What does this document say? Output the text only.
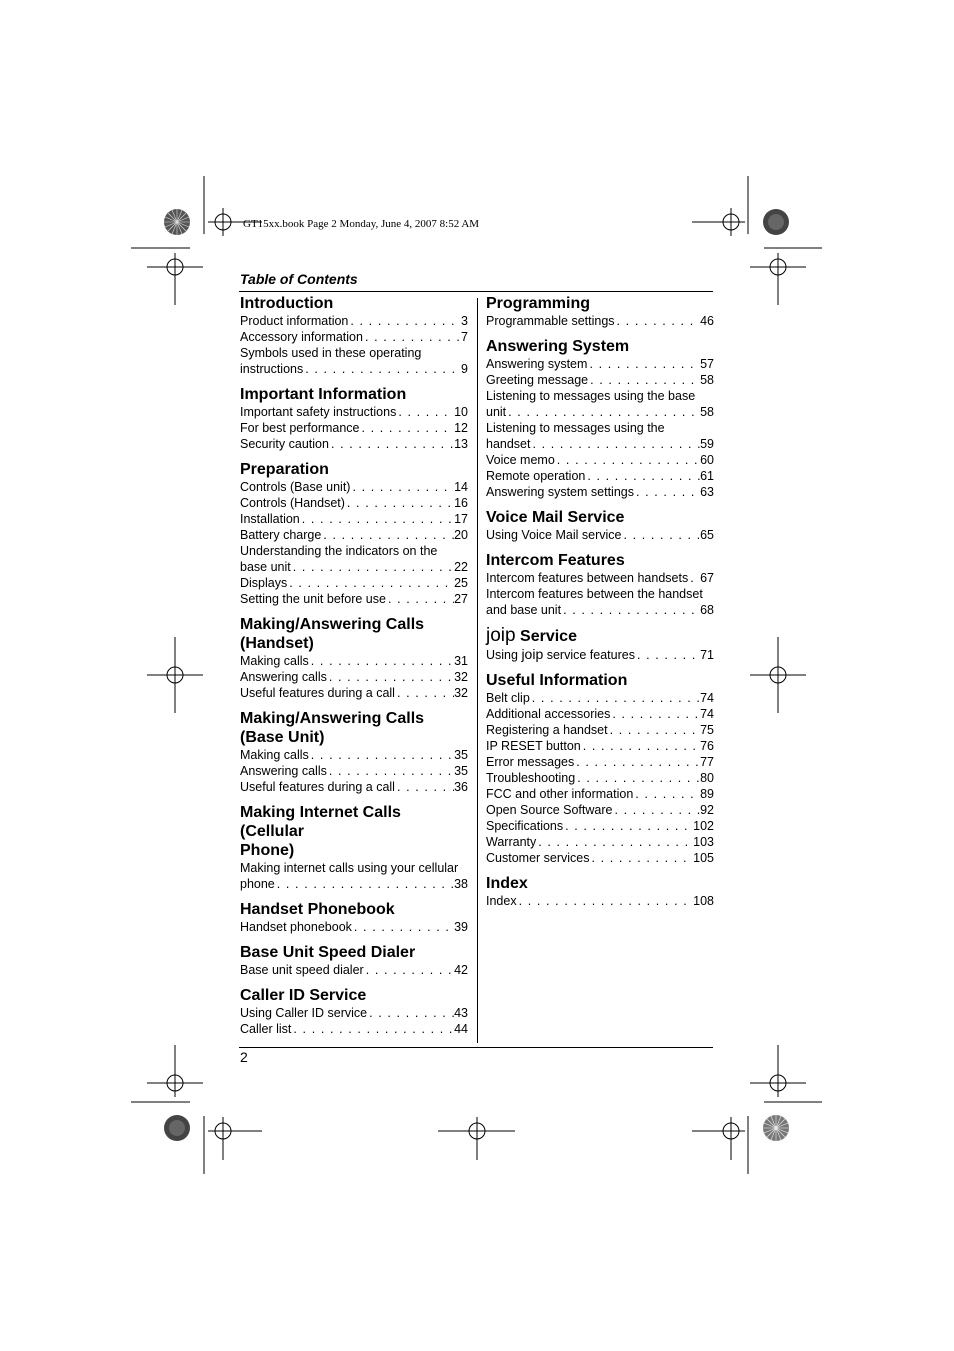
GT15xx.book Page 2 Monday, June 4, 2007 8:52 AM
Table of Contents
Introduction
Product information . . .	3
Accessory information . . .	7
Symbols used in these operating
instructions . . .	9
Important Information
Important safety instructions . . .	10
For best performance . . .	12
Security caution . . .	13
Preparation
Controls (Base unit) . . .	14
Controls (Handset) . . .	16
Installation . . .	17
Battery charge . . .	20
Understanding the indicators on the
base unit . . .	22
Displays . . .	25
Setting the unit before use . . .	27
Making/Answering Calls
(Handset)
Making calls . . .	31
Answering calls . . .	32
Useful features during a call . . .	32
Making/Answering Calls
(Base Unit)
Making calls . . .	35
Answering calls . . .	35
Useful features during a call . . .	36
Making Internet Calls (Cellular
Phone)
Making internet calls using your cellular
phone . . .	38
Handset Phonebook
Handset phonebook . . .	39
Base Unit Speed Dialer
Base unit speed dialer . . .	42
Caller ID Service
Using Caller ID service . . .	43
Caller list . . .	44
Programming
Programmable settings . . .	46
Answering System
Answering system . . .	57
Greeting message . . .	58
Listening to messages using the base
unit . . .	58
Listening to messages using the
handset . . .	59
Voice memo . . .	60
Remote operation . . .	61
Answering system settings . . .	63
Voice Mail Service
Using Voice Mail service . . .	65
Intercom Features
Intercom features between handsets . . . 67
Intercom features between the handset
and base unit . . .	68
joip Service
Using joip service features . . .	71
Useful Information
Belt clip . . .	74
Additional accessories . . .	74
Registering a handset . . .	75
IP RESET button . . .	76
Error messages . . .	77
Troubleshooting . . .	80
FCC and other information . . .	89
Open Source Software . . .	92
Specifications . . .	102
Warranty . . .	103
Customer services . . .	105
Index
Index . . .	108
2
